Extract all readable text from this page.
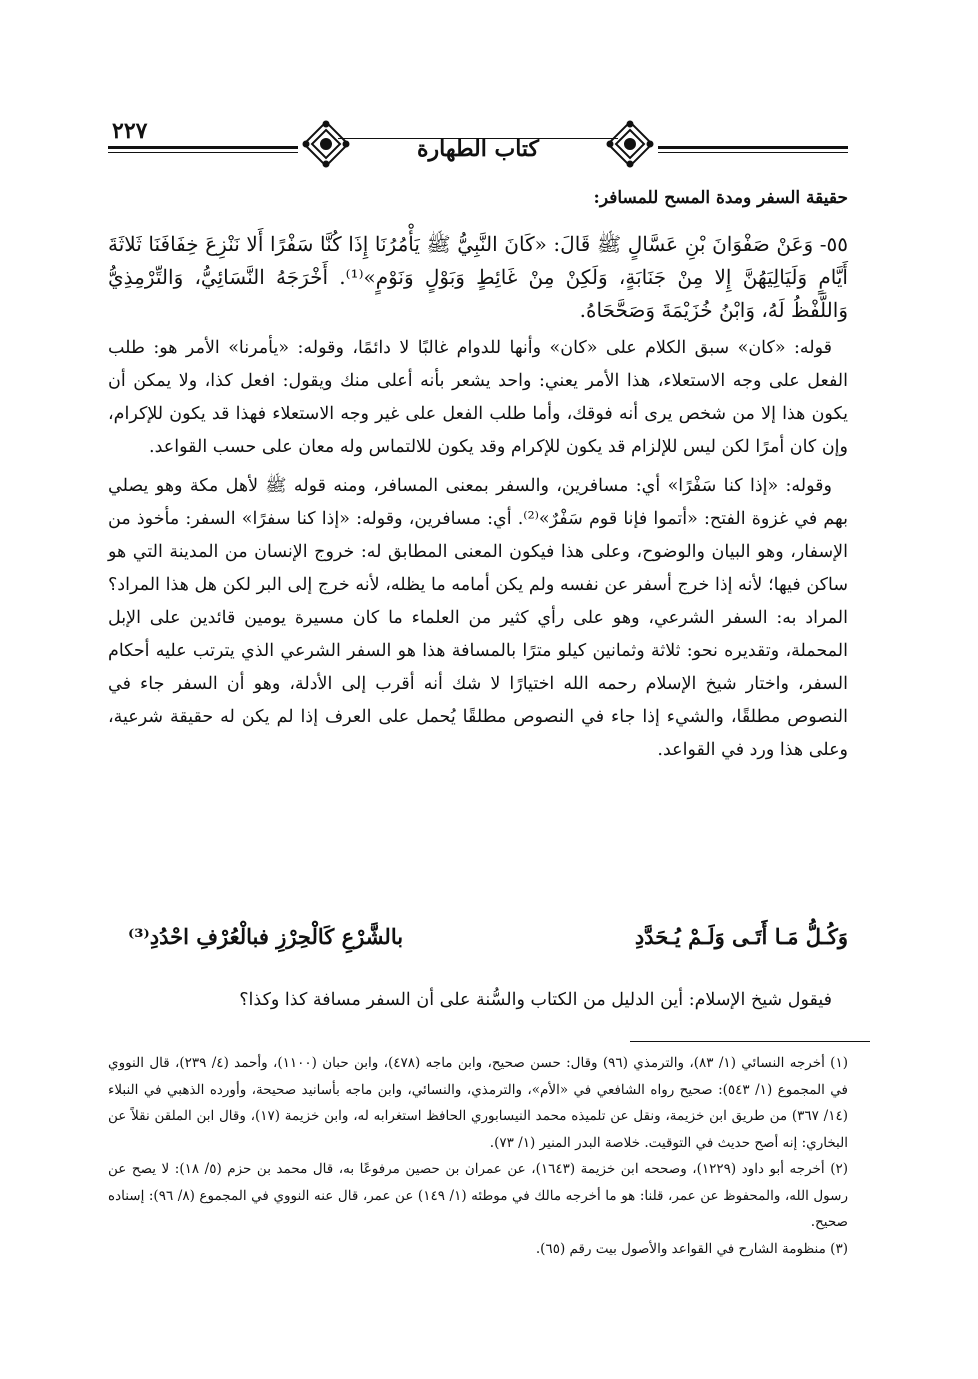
٢٢٧
كتاب الطهارة
حقيقة السفر ومدة المسح للمسافر:
٥٥- وَعَنْ صَفْوَانَ بْنِ عَسَّالٍ ﷺ قَالَ: «كَانَ النَّبِيُّ ﷺ يَأْمُرُنَا إِذَا كُنَّا سَفْرًا أَلا نَنْزِعَ خِفَافَنَا ثَلاثَةَ أَيَّامٍ وَلَيَالِيَهُنَّ إِلا مِنْ جَنَابَةٍ، وَلَكِنْ مِنْ غَائِطٍ وَبَوْلٍ وَنَوْمٍ»⁽¹⁾. أَخْرَجَهُ النَّسَائِيُّ، وَالتِّرْمِذِيُّ وَاللَّفْظُ لَهُ، وَابْنُ خُزَيْمَةَ وَصَحَّحَاهُ.

قوله: «كان» سبق الكلام على «كان» وأنها للدوام غالبًا لا دائمًا، وقوله: «يأمرنا» الأمر هو: طلب الفعل على وجه الاستعلاء، هذا الأمر يعني: واحد يشعر بأنه أعلى منك ويقول: افعل كذا، ولا يمكن أن يكون هذا إلا من شخص يرى أنه فوقك، وأما طلب الفعل على غير وجه الاستعلاء فهذا قد يكون للإكرام، وإن كان أمرًا لكن ليس للإلزام قد يكون للإكرام وقد يكون للالتماس وله معان على حسب القواعد.

وقوله: «إذا كنا سَفْرًا» أي: مسافرين، والسفر بمعنى المسافر، ومنه قوله ﷺ لأهل مكة وهو يصلي بهم في غزوة الفتح: «أتموا فإنا قوم سَفْرٌ»⁽²⁾. أي: مسافرين، وقوله: «إذا كنا سفرًا» السفر: مأخوذ من الإسفار، وهو البيان والوضوح، وعلى هذا فيكون المعنى المطابق له: خروج الإنسان من المدينة التي هو ساكن فيها؛ لأنه إذا خرج أسفر عن نفسه ولم يكن أمامه ما يظله، لأنه خرج إلى البر لكن هل هذا المراد؟ المراد به: السفر الشرعي، وهو على رأي كثير من العلماء ما كان مسيرة يومين قائدين على الإبل المحملة، وتقديره نحو: ثلاثة وثمانين كيلو مترًا بالمسافة هذا هو السفر الشرعي الذي يترتب عليه أحكام السفر، واختار شيخ الإسلام رحمه الله اختيارًا لا شك أنه أقرب إلى الأدلة، وهو أن السفر جاء في النصوص مطلقًا، والشيء إذا جاء في النصوص مطلقًا يُحمل على العرف إذا لم يكن له حقيقة شرعية، وعلى هذا ورد في القواعد.

وَكُـلُّ مَـا أَتَـى وَلَـمْ يُـحَدَّدِ
بالشَّرْعِ كَالْحِرْزِ فبالْعُرْفِ احْدُدِ⁽³⁾
فيقول شيخ الإسلام: أين الدليل من الكتاب والسُّنة على أن السفر مسافة كذا وكذا؟

(١) أخرجه النسائي (١/ ٨٣)، والترمذي (٩٦) وقال: حسن صحيح، وابن ماجه (٤٧٨)، وابن حبان (١١٠٠)، وأحمد (٤/ ٢٣٩)، قال النووي في المجموع (١/ ٥٤٣): صحيح رواه الشافعي في «الأم»، والترمذي، والنسائي، وابن ماجه بأسانيد صحيحة، وأورده الذهبي في النبلاء (١٤/ ٣٦٧) من طريق ابن خزيمة، ونقل عن تلميذه محمد النيسابوري الحافظ استغرابه له، وابن خزيمة (١٧)، وقال ابن الملقن نقلاً عن البخاري: إنه أصح حديث في التوقيت. خلاصة البدر المنير (١/ ٧٣).

(٢) أخرجه أبو داود (١٢٢٩)، وصححه ابن خزيمة (١٦٤٣)، عن عمران بن حصين مرفوعًا به، قال محمد بن حزم (٥/ ١٨): لا يصح عن رسول الله، والمحفوظ عن عمر، قلنا: هو ما أخرجه مالك في موطئه (١/ ١٤٩) عن عمر، قال عنه النووي في المجموع (٨/ ٩٦): إسناده صحيح.

(٣) منظومة الشارح في القواعد والأصول بيت رقم (٦٥).
